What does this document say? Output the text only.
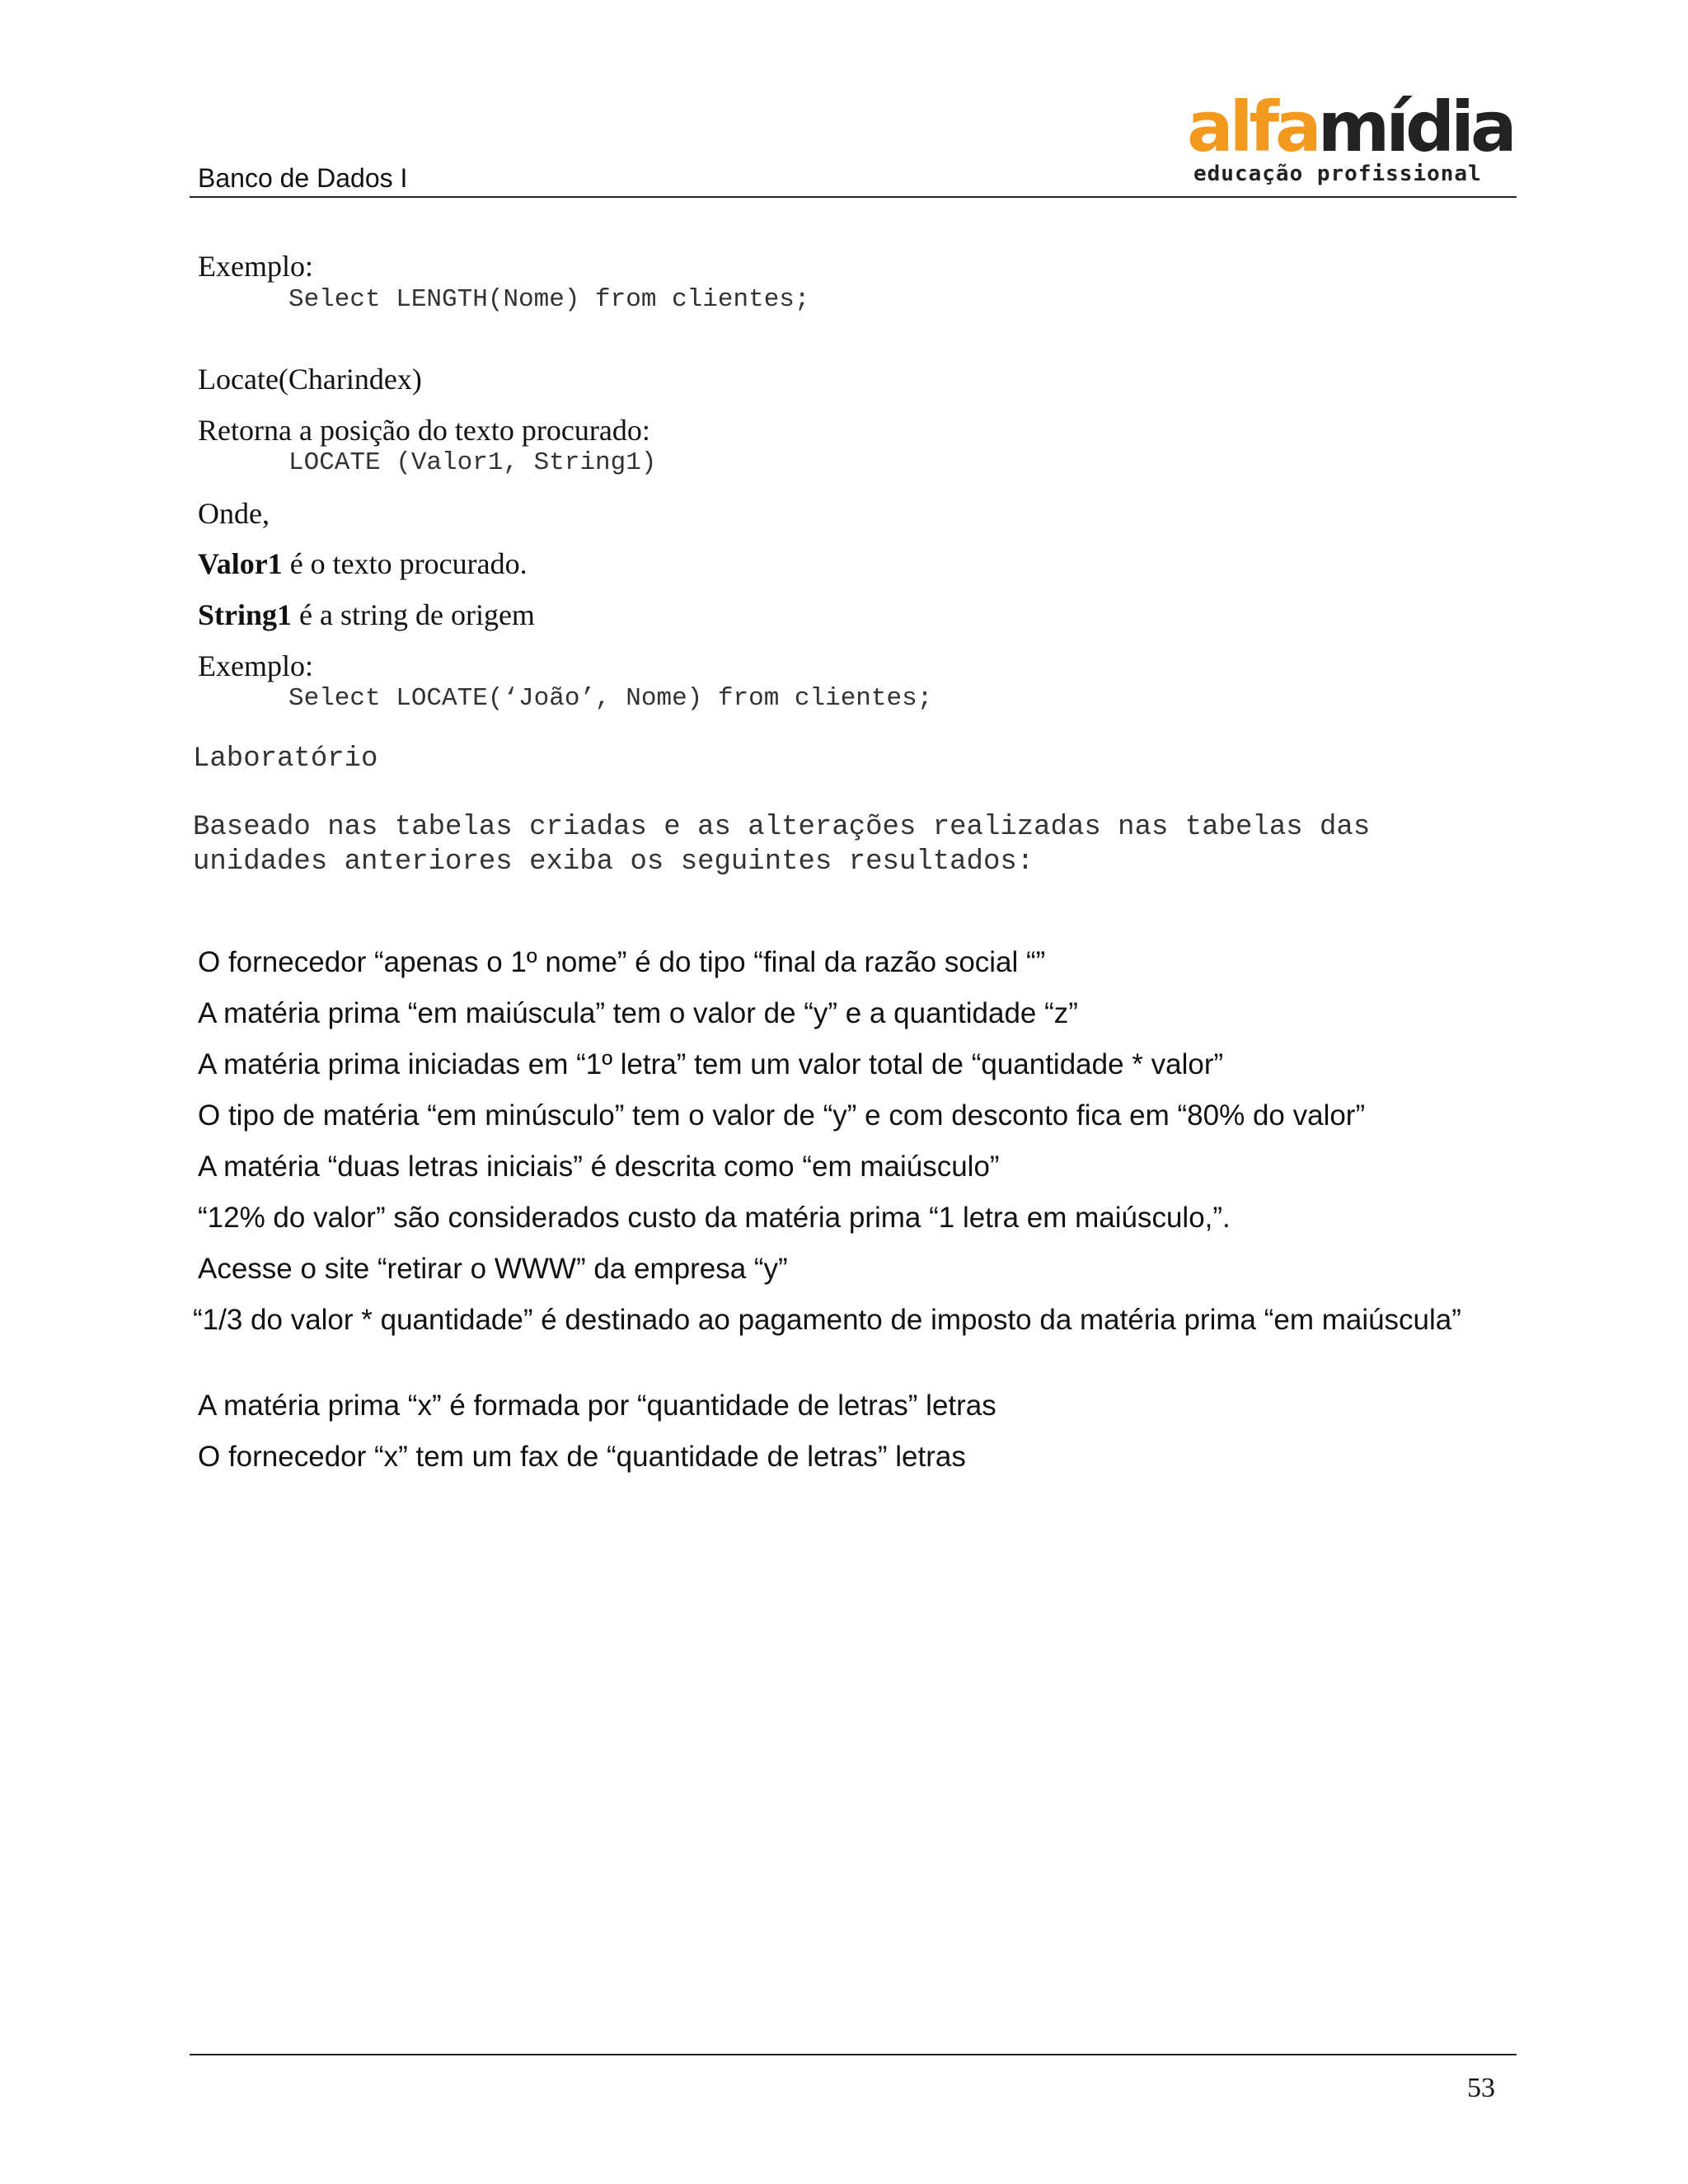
Banco de Dados I
alfamídia
educação profissional
Exemplo:
Select LENGTH(Nome) from clientes;
Locate(Charindex)
Retorna a posição do texto procurado:
LOCATE (Valor1, String1)
Onde,
Valor1 é o texto procurado.
String1 é a string de origem
Exemplo:
Select LOCATE(‘João’, Nome) from clientes;
Laboratório
Baseado nas tabelas criadas e as alterações realizadas nas tabelas das
unidades anteriores exiba os seguintes resultados:
O fornecedor “apenas o 1º nome” é do tipo “final da razão social “”
A matéria prima “em maiúscula” tem o valor de “y” e a quantidade “z”
A matéria prima iniciadas em “1º letra” tem um valor total de “quantidade * valor”
O tipo de matéria “em minúsculo” tem o valor de “y” e com desconto fica em “80% do valor”
A matéria “duas letras iniciais” é descrita como “em maiúsculo”
“12% do valor” são considerados custo da matéria prima “1 letra em maiúsculo,”.
Acesse o site “retirar o WWW” da empresa “y”
“1/3 do valor * quantidade” é destinado ao pagamento de imposto da matéria prima “em maiúscula”
A matéria prima “x” é formada por “quantidade de letras” letras
O fornecedor “x” tem um fax de “quantidade de letras” letras
53
